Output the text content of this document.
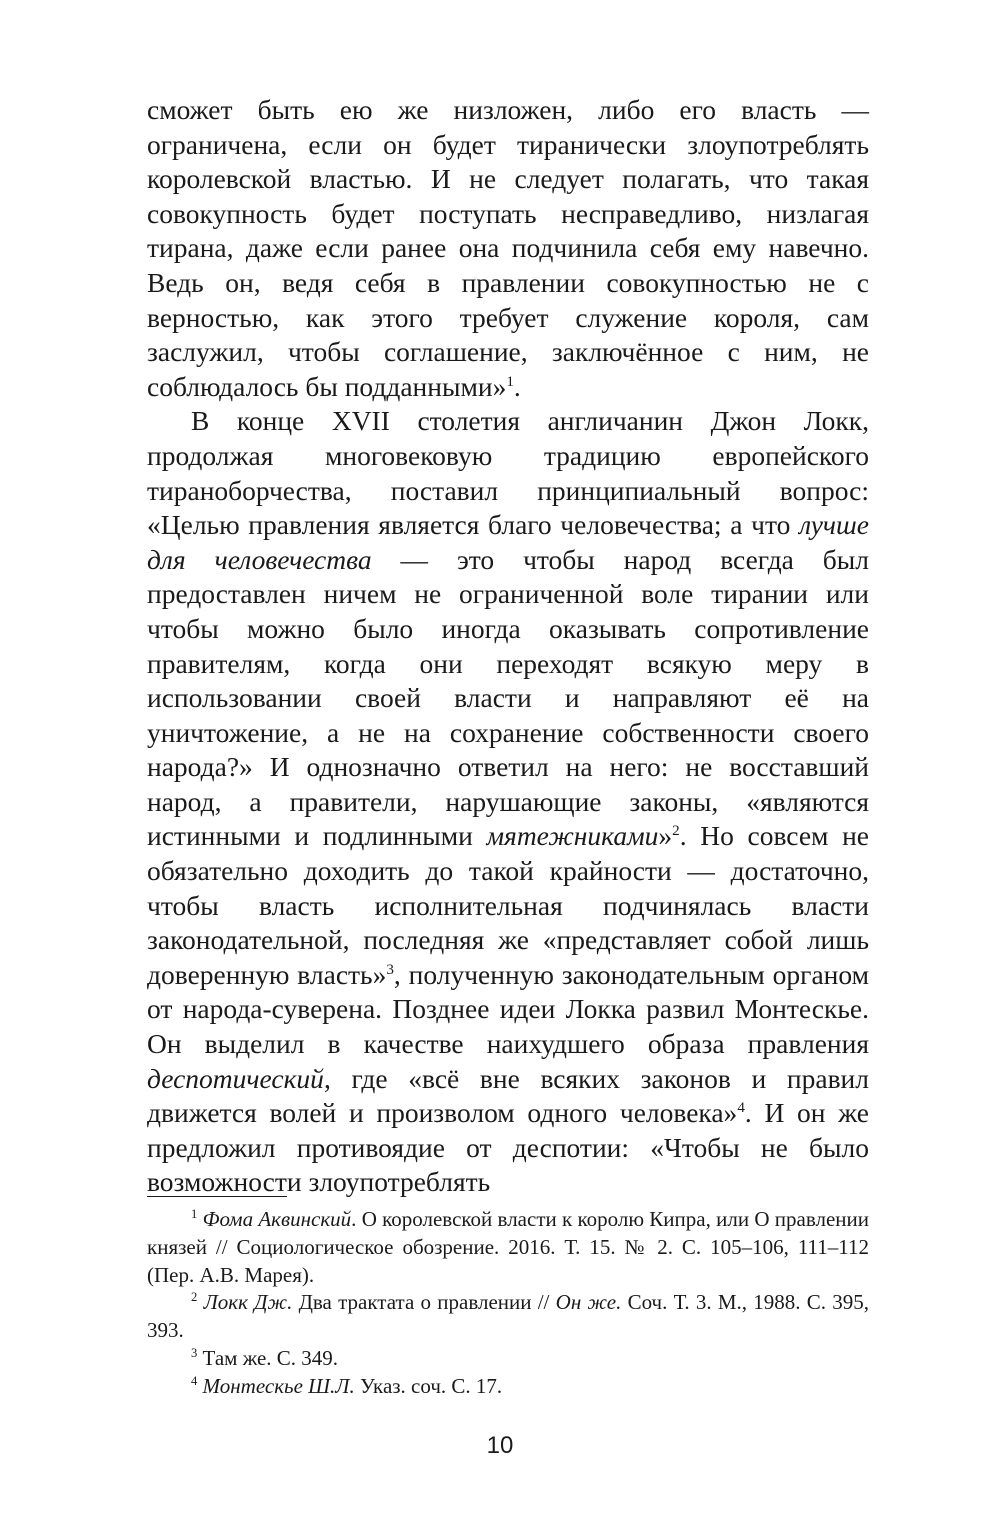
сможет быть ею же низложен, либо его власть — ограничена, если он будет тиранически злоупотреблять королевской властью. И не следует полагать, что такая совокупность будет поступать несправедливо, низлагая тирана, даже если ранее она подчинила себя ему навечно. Ведь он, ведя себя в правлении совокупностью не с верностью, как этого требует служение короля, сам заслужил, чтобы соглашение, заключённое с ним, не соблюдалось бы подданными»$^1$.

В конце XVII столетия англичанин Джон Локк, продолжая многовековую традицию европейского тираноборчества, поставил принципиальный вопрос: «Целью правления является благо человечества; а что лучше для человечества — это чтобы народ всегда был предоставлен ничем не ограниченной воле тирании или чтобы можно было иногда оказывать сопротивление правителям, когда они переходят всякую меру в использовании своей власти и направляют её на уничтожение, а не на сохранение собственности своего народа?» И однозначно ответил на него: не восставший народ, а правители, нарушающие законы, «являются истинными и подлинными мятежниками»$^2$. Но совсем не обязательно доходить до такой крайности — достаточно, чтобы власть исполнительная подчинялась власти законодательной, последняя же «представляет собой лишь доверенную власть»$^3$, полученную законодательным органом от народа-суверена. Позднее идеи Локка развил Монтескье. Он выделил в качестве наихудшего образа правления деспотический, где «всё вне всяких законов и правил движется волей и произволом одного человека»$^4$. И он же предложил противоядие от деспотии: «Чтобы не было возможности злоупотреблять

$^1$ Фома Аквинский. О королевской власти к королю Кипра, или О правлении князей // Социологическое обозрение. 2016. Т. 15. № 2. С. 105–106, 111–112 (Пер. А.В. Марея).

$^2$ Локк Дж. Два трактата о правлении // Он же. Соч. Т. 3. М., 1988. С. 395, 393.

$^3$ Там же. С. 349.

$^4$ Монтескье Ш.Л. Указ. соч. С. 17.

10
